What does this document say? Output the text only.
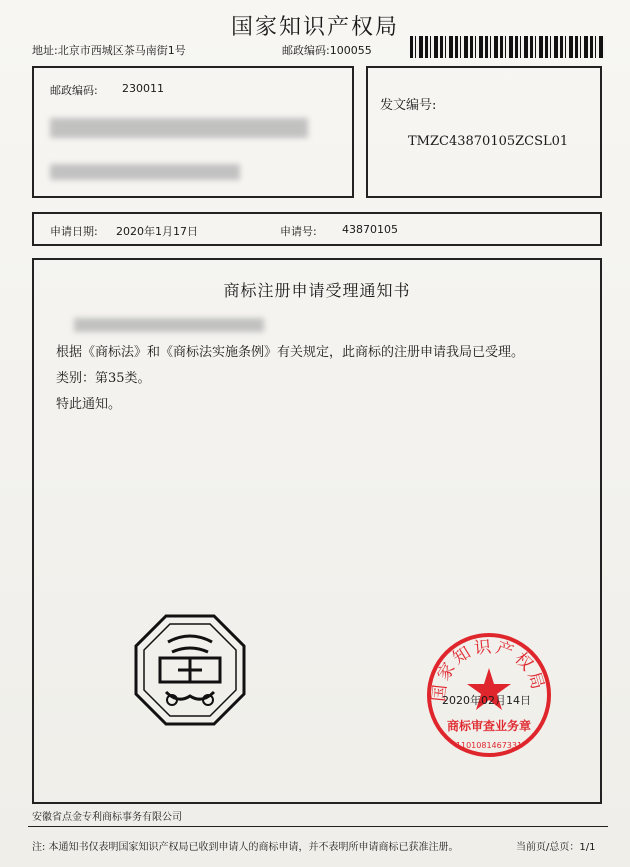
国家知识产权局
地址:北京市西城区茶马南街1号	邮政编码:100055
邮政编码: 230011
发文编号:
TMZC43870105ZCSL01
申请日期: 2020年1月17日	申请号: 43870105
商标注册申请受理通知书
根据《商标法》和《商标法实施条例》有关规定，此商标的注册申请我局已受理。
类别：第35类。
特此通知。
国家知识产权局
商标审查业务章
1101081467331
2020年02月14日
安徽省点金专利商标事务有限公司
注: 本通知书仅表明国家知识产权局已收到申请人的商标申请，并不表明所申请商标已获准注册。	当前页/总页：1/1
